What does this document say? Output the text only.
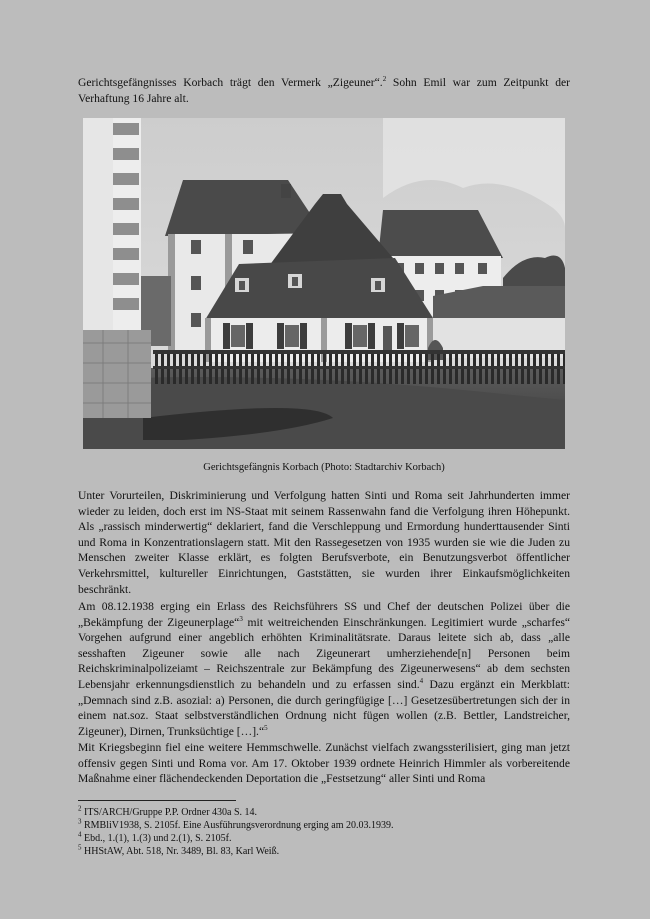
Gerichtsgefängnisses Korbach trägt den Vermerk „Zigeuner“.$^2$ Sohn Emil war zum Zeitpunkt der Verhaftung 16 Jahre alt.
Gerichtsgefängnis Korbach (Photo: Stadtarchiv Korbach)
Unter Vorurteilen, Diskriminierung und Verfolgung hatten Sinti und Roma seit Jahrhunderten immer wieder zu leiden, doch erst im NS-Staat mit seinem Rassenwahn fand die Verfolgung ihren Höhepunkt. Als „rassisch minderwertig“ deklariert, fand die Verschleppung und Ermordung hunderttausender Sinti und Roma in Konzentrationslagern statt. Mit den Rassegesetzen von 1935 wurden sie wie die Juden zu Menschen zweiter Klasse erklärt, es folgten Berufsverbote, ein Benutzungsverbot öffentlicher Verkehrsmittel, kultureller Einrichtungen, Gaststätten, sie wurden ihrer Einkaufsmöglichkeiten beschränkt.
Am 08.12.1938 erging ein Erlass des Reichsführers SS und Chef der deutschen Polizei über die „Bekämpfung der Zigeunerplage“$^3$ mit weitreichenden Einschränkungen. Legitimiert wurde „scharfes“ Vorgehen aufgrund einer angeblich erhöhten Kriminalitätsrate. Daraus leitete sich ab, dass „alle sesshaften Zigeuner sowie alle nach Zigeunerart umherziehende[n] Personen beim Reichskriminalpolizeiamt – Reichszentrale zur Bekämpfung des Zigeunerwesens“ ab dem sechsten Lebensjahr erkennungsdienstlich zu behandeln und zu erfassen sind.$^4$ Dazu ergänzt ein Merkblatt: „Demnach sind z.B. asozial: a) Personen, die durch geringfügige […] Gesetzesübertretungen sich der in einem nat.soz. Staat selbstverständlichen Ordnung nicht fügen wollen (z.B. Bettler, Landstreicher, Zigeuner), Dirnen, Trunksüchtige […].“$^5$
Mit Kriegsbeginn fiel eine weitere Hemmschwelle. Zunächst vielfach zwangssterilisiert, ging man jetzt offensiv gegen Sinti und Roma vor. Am 17. Oktober 1939 ordnete Heinrich Himmler als vorbereitende Maßnahme einer flächendeckenden Deportation die „Festsetzung“ aller Sinti und Roma
$^2$ ITS/ARCH/Gruppe P.P. Ordner 430a S. 14.
$^3$ RMBliV1938, S. 2105f. Eine Ausführungsverordnung erging am 20.03.1939.
$^4$ Ebd., 1.(1), 1.(3) und 2.(1), S. 2105f.
$^5$ HHStAW, Abt. 518, Nr. 3489, Bl. 83, Karl Weiß.
